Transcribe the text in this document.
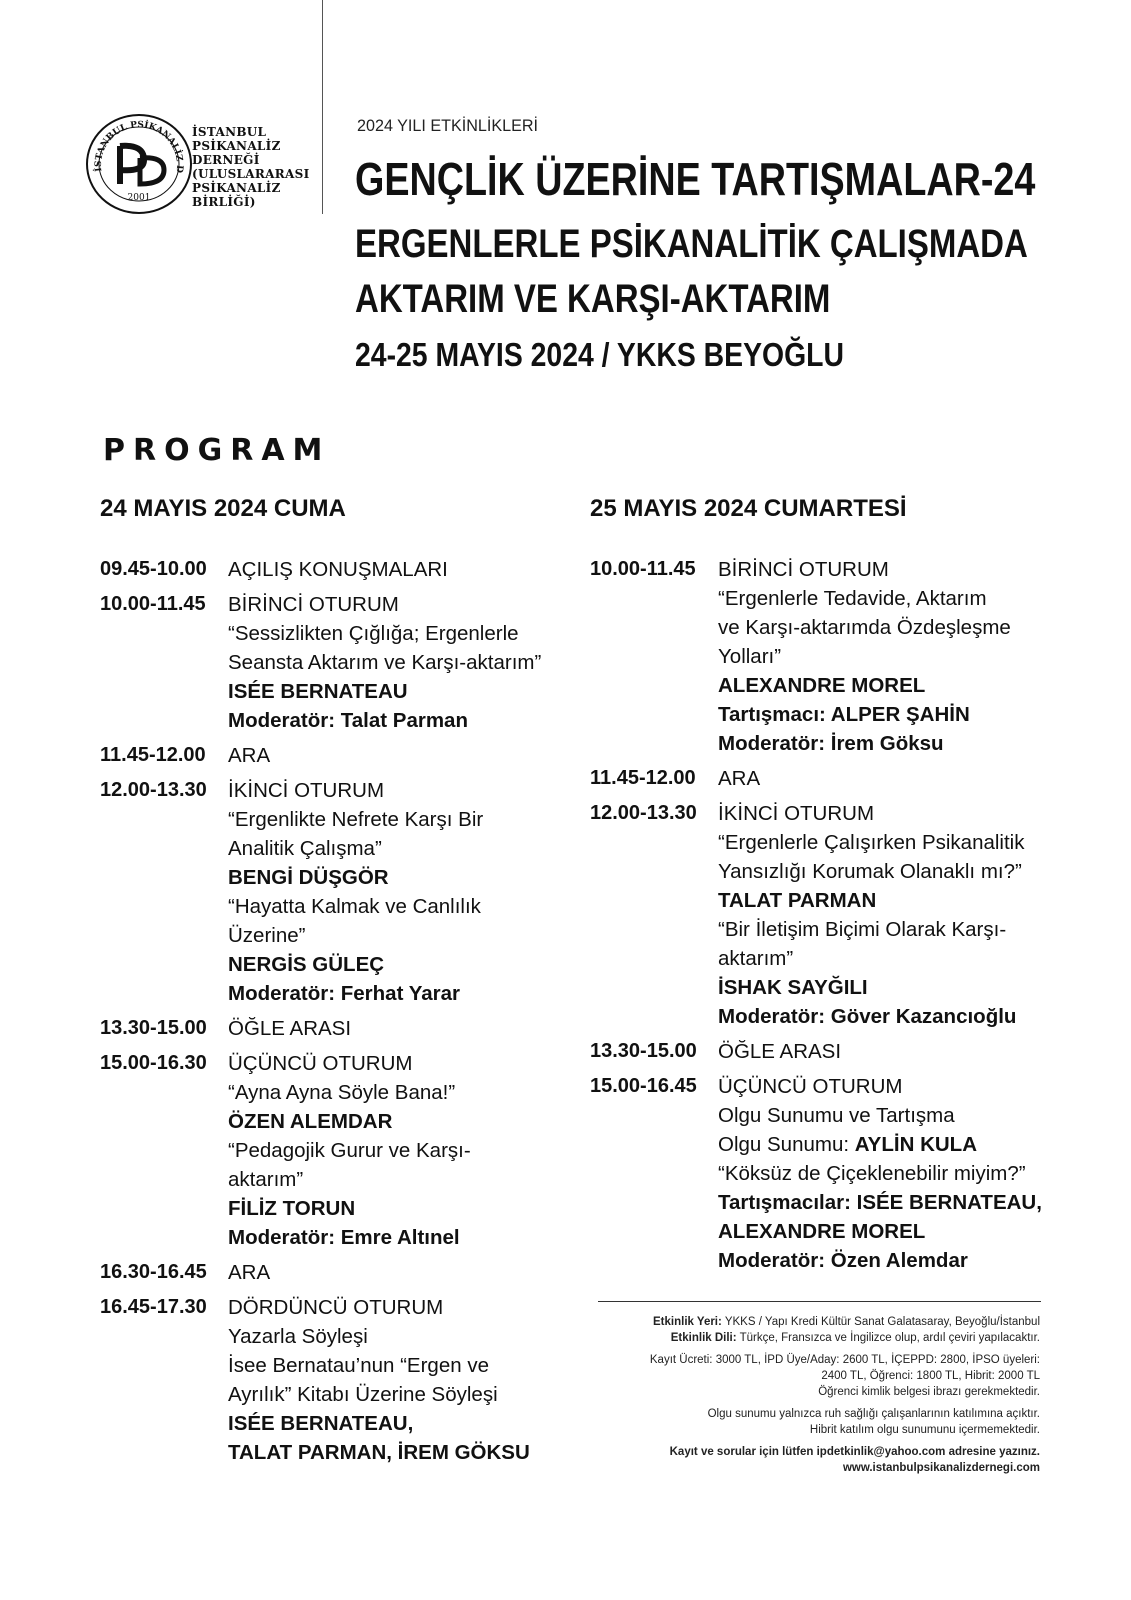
İSTANBUL PSİKANALİZ D
2001
İSTANBUL
PSİKANALİZ
DERNEĞİ
(ULUSLARARASI
PSİKANALİZ
BİRLİĞİ)
2024 YILI ETKİNLİKLERİ
GENÇLİK ÜZERİNE TARTIŞMALAR-24
ERGENLERLE PSİKANALİTİK ÇALIŞMADA
AKTARIM VE KARŞI-AKTARIM
24-25 MAYIS 2024 / YKKS BEYOĞLU
PROGRAM
24 MAYIS 2024 CUMA
09.45-10.00	AÇILIŞ KONUŞMALARI
10.00-11.45	BİRİNCİ OTURUM
“Sessizlikten Çığlığa; Ergenlerle
Seansta Aktarım ve Karşı-aktarım”
ISÉE BERNATEAU
Moderatör: Talat Parman
11.45-12.00	ARA
12.00-13.30	İKİNCİ OTURUM
“Ergenlikte Nefrete Karşı Bir
Analitik Çalışma”
BENGİ DÜŞGÖR
“Hayatta Kalmak ve Canlılık
Üzerine”
NERGİS GÜLEÇ
Moderatör: Ferhat Yarar
13.30-15.00	ÖĞLE ARASI
15.00-16.30	ÜÇÜNCÜ OTURUM
“Ayna Ayna Söyle Bana!”
ÖZEN ALEMDAR
“Pedagojik Gurur ve Karşı-
aktarım”
FİLİZ TORUN
Moderatör: Emre Altınel
16.30-16.45	ARA
16.45-17.30	DÖRDÜNCÜ OTURUM
Yazarla Söyleşi
İsee Bernatau’nun “Ergen ve
Ayrılık” Kitabı Üzerine Söyleşi
ISÉE BERNATEAU,
TALAT PARMAN, İREM GÖKSU
25 MAYIS 2024 CUMARTESİ
10.00-11.45	BİRİNCİ OTURUM
“Ergenlerle Tedavide, Aktarım
ve Karşı-aktarımda Özdeşleşme
Yolları”
ALEXANDRE MOREL
Tartışmacı: ALPER ŞAHİN
Moderatör: İrem Göksu
11.45-12.00	ARA
12.00-13.30	İKİNCİ OTURUM
“Ergenlerle Çalışırken Psikanalitik
Yansızlığı Korumak Olanaklı mı?”
TALAT PARMAN
“Bir İletişim Biçimi Olarak Karşı-
aktarım”
İSHAK SAYĞILI
Moderatör: Göver Kazancıoğlu
13.30-15.00	ÖĞLE ARASI
15.00-16.45	ÜÇÜNCÜ OTURUM
Olgu Sunumu ve Tartışma
Olgu Sunumu: AYLİN KULA
“Köksüz de Çiçeklenebilir miyim?”
Tartışmacılar: ISÉE BERNATEAU,
ALEXANDRE MOREL
Moderatör: Özen Alemdar
Etkinlik Yeri: YKKS / Yapı Kredi Kültür Sanat Galatasaray, Beyoğlu/İstanbul
Etkinlik Dili: Türkçe, Fransızca ve İngilizce olup, ardıl çeviri yapılacaktır.
Kayıt Ücreti: 3000 TL, İPD Üye/Aday: 2600 TL, İÇEPPD: 2800, İPSO üyeleri:
2400 TL, Öğrenci: 1800 TL, Hibrit: 2000 TL
Öğrenci kimlik belgesi ibrazı gerekmektedir.
Olgu sunumu yalnızca ruh sağlığı çalışanlarının katılımına açıktır.
Hibrit katılım olgu sunumunu içermemektedir.
Kayıt ve sorular için lütfen ipdetkinlik@yahoo.com adresine yazınız.
www.istanbulpsikanalizdernegi.com
